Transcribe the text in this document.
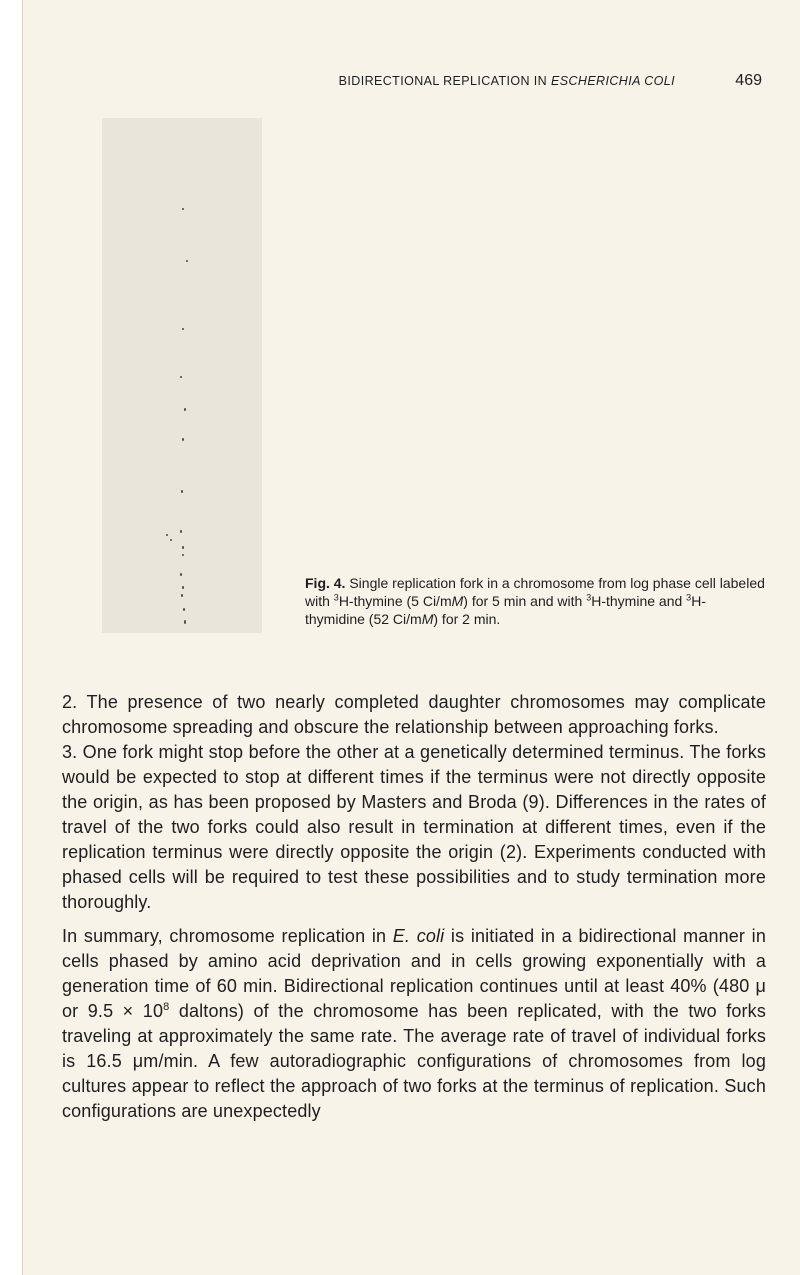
BIDIRECTIONAL REPLICATION IN ESCHERICHIA COLI	469
Fig. 4. Single replication fork in a chromosome from log phase cell labeled with $^3$H-thymine (5 Ci/mM) for 5 min and with $^3$H-thymine and $^3$H-thymidine (52 Ci/mM) for 2 min.

2. The presence of two nearly completed daughter chromosomes may complicate chromosome spreading and obscure the relationship between approaching forks.

3. One fork might stop before the other at a genetically determined terminus. The forks would be expected to stop at different times if the terminus were not directly opposite the origin, as has been proposed by Masters and Broda (9). Differences in the rates of travel of the two forks could also result in termination at different times, even if the replication terminus were directly opposite the origin (2). Experiments conducted with phased cells will be required to test these possibilities and to study termination more thoroughly.

In summary, chromosome replication in E. coli is initiated in a bidirectional manner in cells phased by amino acid deprivation and in cells growing exponentially with a generation time of 60 min. Bidirectional replication continues until at least 40% (480 μ or $9.5 \times 10^8$ daltons) of the chromosome has been replicated, with the two forks traveling at approximately the same rate. The average rate of travel of individual forks is 16.5 μm/min. A few autoradiographic configurations of chromosomes from log cultures appear to reflect the approach of two forks at the terminus of replication. Such configurations are unexpectedly
